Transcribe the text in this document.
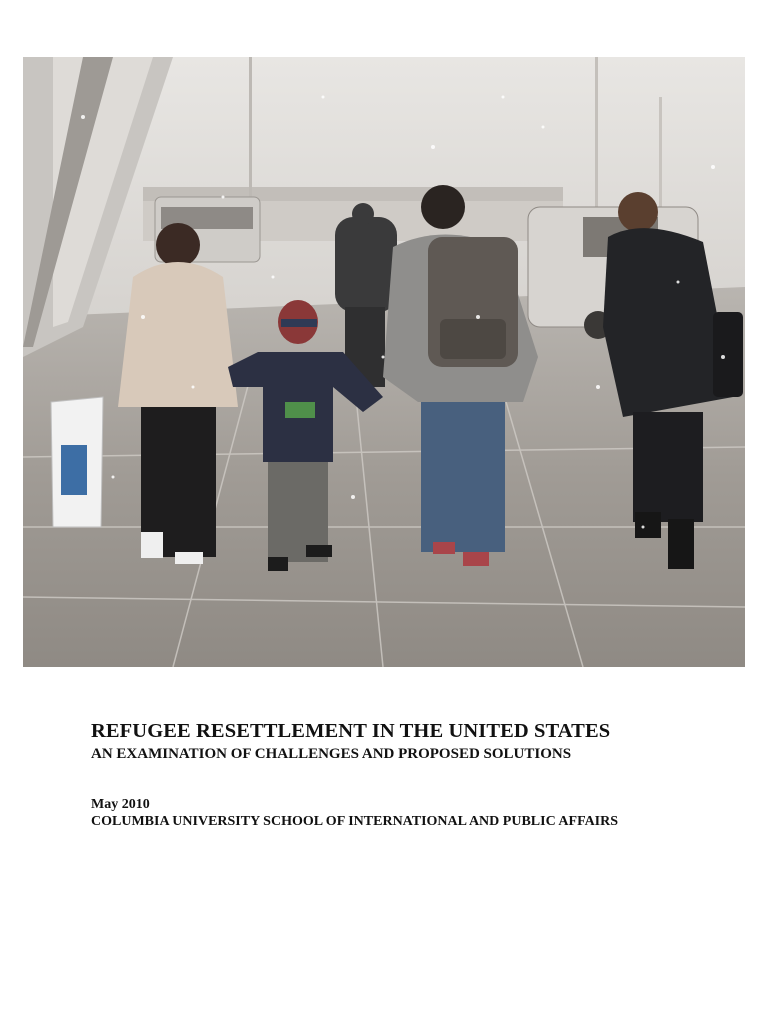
REFUGEE RESETTLEMENT IN THE UNITED STATES

AN EXAMINATION OF CHALLENGES AND PROPOSED SOLUTIONS

May 2010
COLUMBIA UNIVERSITY SCHOOL OF INTERNATIONAL AND PUBLIC AFFAIRS
